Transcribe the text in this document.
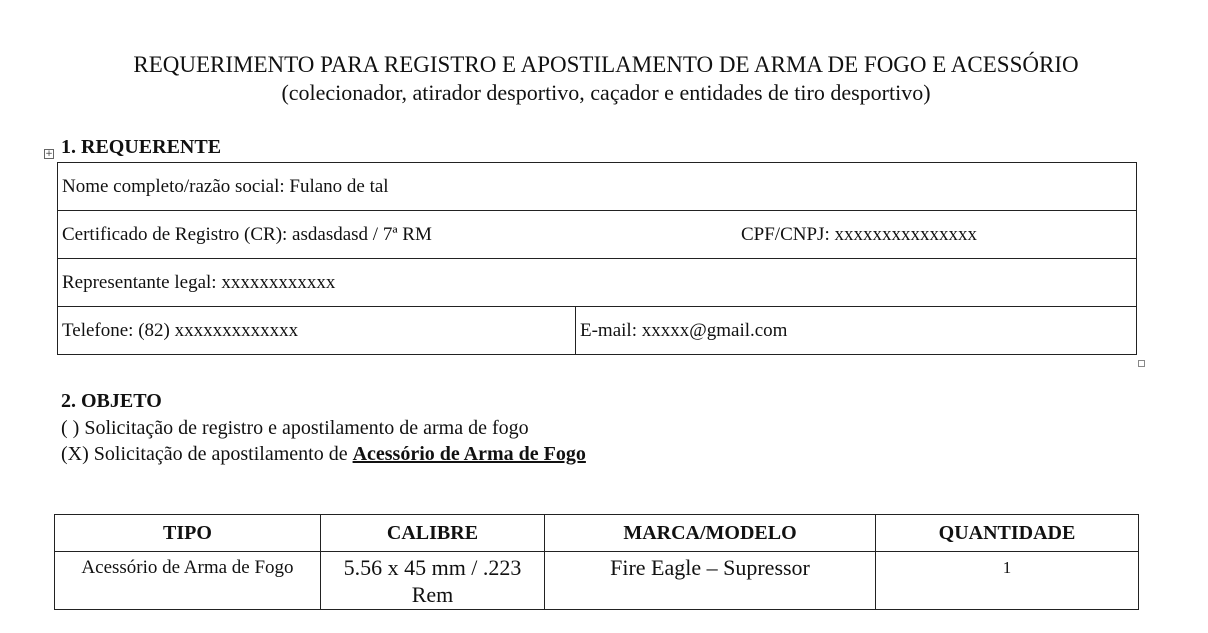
REQUERIMENTO PARA REGISTRO E APOSTILAMENTO DE ARMA DE FOGO E ACESSÓRIO
(colecionador, atirador desportivo, caçador e entidades de tiro desportivo)
+ 1. REQUERENTE
Nome completo/razão social: Fulano de tal
Certificado de Registro (CR): asdasdasd / 7ª RM	CPF/CNPJ: xxxxxxxxxxxxxxx

Representante legal: xxxxxxxxxxxx
Telefone: (82) xxxxxxxxxxxxx	E-mail: xxxxx@gmail.com
2. OBJETO
( ) Solicitação de registro e apostilamento de arma de fogo
(X) Solicitação de apostilamento de Acessório de Arma de Fogo
TIPO	CALIBRE	MARCA/MODELO	QUANTIDADE
Acessório de Arma de Fogo	5.56 x 45 mm / .223 Rem	Fire Eagle – Supressor	1
